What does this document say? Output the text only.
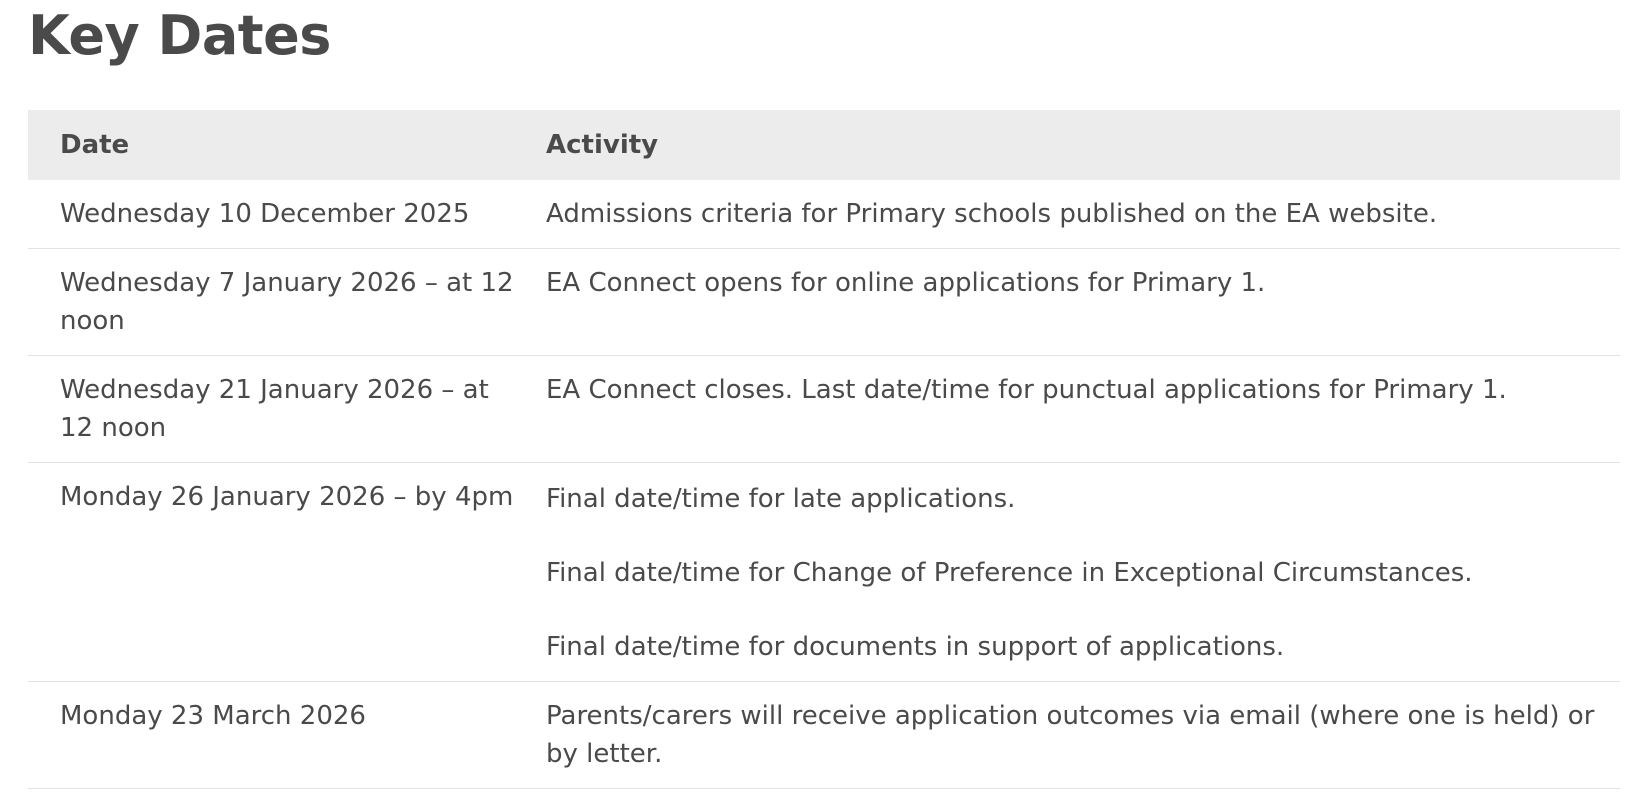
Key Dates
Date	Activity
Wednesday 10 December 2025	Admissions criteria for Primary schools published on the EA website.

Wednesday 7 January 2026 – at 12 noon	EA Connect opens for online applications for Primary 1.

Wednesday 21 January 2026 – at 12 noon	EA Connect closes. Last date/time for punctual applications for Primary 1.

Monday 26 January 2026 – by 4pm	Final date/time for late applications.
Final date/time for Change of Preference in Exceptional Circumstances.
Final date/time for documents in support of applications.

Monday 23 March 2026	Parents/carers will receive application outcomes via email (where one is held) or by letter.
